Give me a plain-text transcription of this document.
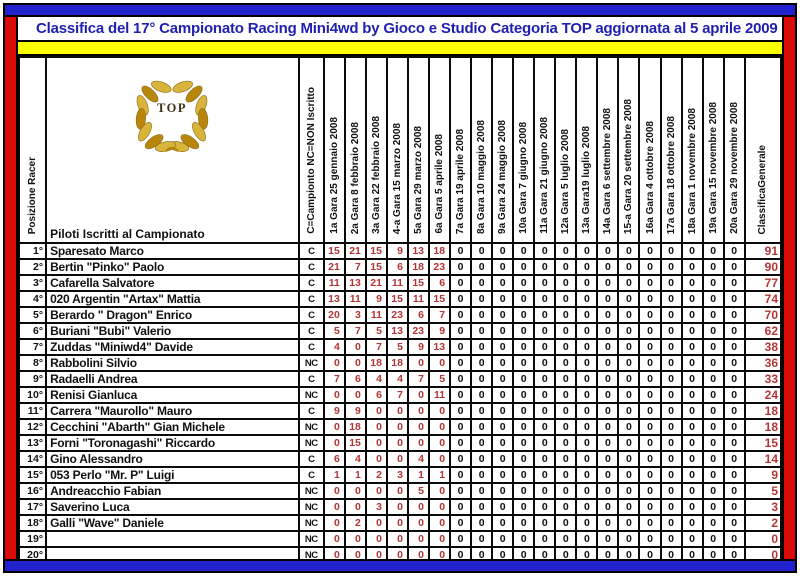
Classifica del 17° Campionato Racing Mini4wd by Gioco e Studio Categoria TOP aggiornata al 5 aprile 2009
Posizione Racer	TOP
Piloti Iscritti al Campionato	C=Campionto NC=NON Iscritto	1a Gara 25 gennaio 2008	2a Gara 8 febbraio 2008	3a Gara 22 febbraio 2008	4-a Gara 15 marzo 2008	5a Gara 29 marzo 2008	6a Gara 5 aprile 2008	7a Gara 19 aprile 2008	8a Gara 10 maggio 2008	9a Gara 24 maggio 2008	10a Gara 7 giugno 2008	11a Gara 21 giugno 2008	12a Gara 5 luglio 2008	13a Gara19 luglio 2008	14a Gara 6 settembre 2008	15-a Gara 20 settembre 2008	16a Gara 4 ottobre 2008	17a Gara 18 ottobre 2008	18a Gara 1 novembre 2008	19a Gara 15 novembre 2008	20a Gara 29 novembre 2008	ClassificaGenerale
1°	Sparesato Marco	C	15	21	15	9	13	18	0	0	0	0	0	0	0	0	0	0	0	0	0	0	91
2°	Bertin "Pinko" Paolo	C	21	7	15	6	18	23	0	0	0	0	0	0	0	0	0	0	0	0	0	0	90
3°	Cafarella Salvatore	C	11	13	21	11	15	6	0	0	0	0	0	0	0	0	0	0	0	0	0	0	77
4°	020 Argentin "Artax" Mattia	C	13	11	9	15	11	15	0	0	0	0	0	0	0	0	0	0	0	0	0	0	74
5°	Berardo " Dragon" Enrico	C	20	3	11	23	6	7	0	0	0	0	0	0	0	0	0	0	0	0	0	0	70
6°	Buriani "Bubi" Valerio	C	5	7	5	13	23	9	0	0	0	0	0	0	0	0	0	0	0	0	0	0	62
7°	Zuddas "Miniwd4" Davide	C	4	0	7	5	9	13	0	0	0	0	0	0	0	0	0	0	0	0	0	0	38
8°	Rabbolini Silvio	NC	0	0	18	18	0	0	0	0	0	0	0	0	0	0	0	0	0	0	0	0	36
9°	Radaelli Andrea	C	7	6	4	4	7	5	0	0	0	0	0	0	0	0	0	0	0	0	0	0	33
10°	Renisi Gianluca	NC	0	0	6	7	0	11	0	0	0	0	0	0	0	0	0	0	0	0	0	0	24
11°	Carrera "Maurollo" Mauro	C	9	9	0	0	0	0	0	0	0	0	0	0	0	0	0	0	0	0	0	0	18
12°	Cecchini "Abarth" Gian Michele	NC	0	18	0	0	0	0	0	0	0	0	0	0	0	0	0	0	0	0	0	0	18
13°	Forni "Toronagashi" Riccardo	NC	0	15	0	0	0	0	0	0	0	0	0	0	0	0	0	0	0	0	0	0	15
14°	Gino Alessandro	C	6	4	0	0	4	0	0	0	0	0	0	0	0	0	0	0	0	0	0	0	14
15°	053 Perlo "Mr. P" Luigi	C	1	1	2	3	1	1	0	0	0	0	0	0	0	0	0	0	0	0	0	0	9
16°	Andreacchio Fabian	NC	0	0	0	0	5	0	0	0	0	0	0	0	0	0	0	0	0	0	0	0	5
17°	Saverino Luca	NC	0	0	3	0	0	0	0	0	0	0	0	0	0	0	0	0	0	0	0	0	3
18°	Galli "Wave" Daniele	NC	0	2	0	0	0	0	0	0	0	0	0	0	0	0	0	0	0	0	0	0	2
19°		NC	0	0	0	0	0	0	0	0	0	0	0	0	0	0	0	0	0	0	0	0	0
20°		NC	0	0	0	0	0	0	0	0	0	0	0	0	0	0	0	0	0	0	0	0	0
